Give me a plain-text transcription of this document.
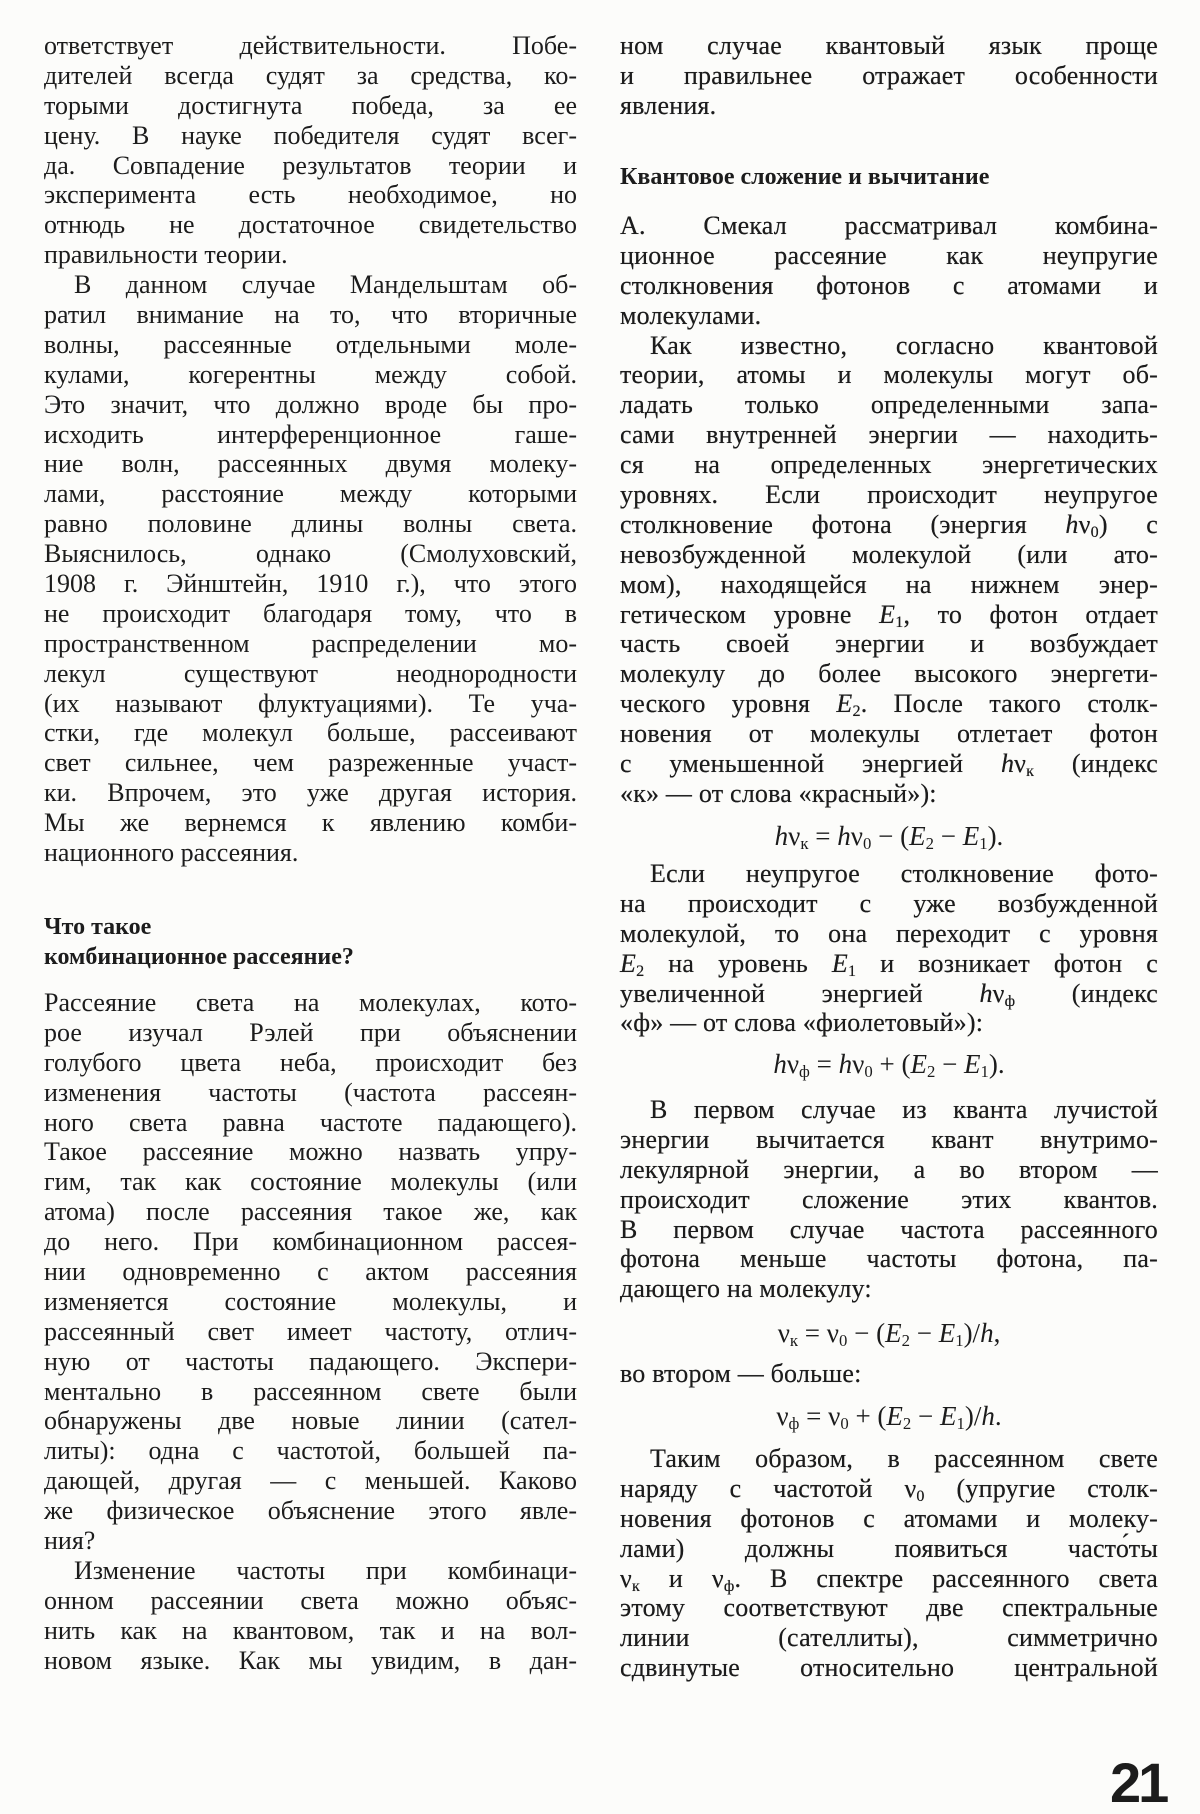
ответствует действительности. Побе-
дителей всегда судят за средства, ко-
торыми достигнута победа, за ее
цену. В науке победителя судят всег-
да. Совпадение результатов теории и
эксперимента есть необходимое, но
отнюдь не достаточное свидетельство
правильности теории.
В данном случае Мандельштам об-
ратил внимание на то, что вторичные
волны, рассеянные отдельными моле-
кулами, когерентны между собой.
Это значит, что должно вроде бы про-
исходить интерференционное гаше-
ние волн, рассеянных двумя молеку-
лами, расстояние между которыми
равно половине длины волны света.
Выяснилось, однако (Смолуховский,
1908 г. Эйнштейн, 1910 г.), что этого
не происходит благодаря тому, что в
пространственном распределении мо-
лекул существуют неоднородности
(их называют флуктуациями). Те уча-
стки, где молекул больше, рассеивают
свет сильнее, чем разреженные участ-
ки. Впрочем, это уже другая история.
Мы же вернемся к явлению комби-
национного рассеяния.
Что такое
комбинационное рассеяние?
Рассеяние света на молекулах, кото-
рое изучал Рэлей при объяснении
голубого цвета неба, происходит без
изменения частоты (частота рассеян-
ного света равна частоте падающего).
Такое рассеяние можно назвать упру-
гим, так как состояние молекулы (или
атома) после рассеяния такое же, как
до него. При комбинационном рассея-
нии одновременно с актом рассеяния
изменяется состояние молекулы, и
рассеянный свет имеет частоту, отлич-
ную от частоты падающего. Экспери-
ментально в рассеянном свете были
обнаружены две новые линии (сател-
литы): одна с частотой, большей па-
дающей, другая — с меньшей. Каково
же физическое объяснение этого явле-
ния?
Изменение частоты при комбинаци-
онном рассеянии света можно объяс-
нить как на квантовом, так и на вол-
новом языке. Как мы увидим, в дан-
ном случае квантовый язык проще
и правильнее отражает особенности
явления.
Квантовое сложение и вычитание
А. Смекал рассматривал комбина-
ционное рассеяние как неупругие
столкновения фотонов с атомами и
молекулами.
Как известно, согласно квантовой
теории, атомы и молекулы могут об-
ладать только определенными запа-
сами внутренней энергии — находить-
ся на определенных энергетических
уровнях. Если происходит неупругое
столкновение фотона (энергия $h\nu_0$) с
невозбужденной молекулой (или ато-
мом), находящейся на нижнем энер-
гетическом уровне $E_1$, то фотон отдает
часть своей энергии и возбуждает
молекулу до более высокого энергети-
ческого уровня $E_2$. После такого столк-
новения от молекулы отлетает фотон
с уменьшенной энергией $h\nu_к$ (индекс
«к» — от слова «красный»):
$h\nu_к = h\nu_0 - (E_2 - E_1)$.
Если неупругое столкновение фото-
на происходит с уже возбужденной
молекулой, то она переходит с уровня
$E_2$ на уровень $E_1$ и возникает фотон с
увеличенной энергией $h\nu_ф$ (индекс
«ф» — от слова «фиолетовый»):
$h\nu_ф = h\nu_0 + (E_2 - E_1)$.
В первом случае из кванта лучистой
энергии вычитается квант внутримо-
лекулярной энергии, а во втором —
происходит сложение этих квантов.
В первом случае частота рассеянного
фотона меньше частоты фотона, па-
дающего на молекулу:
$\nu_к = \nu_0 - (E_2 - E_1)/h$,
во втором — больше:
$\nu_ф = \nu_0 + (E_2 - E_1)/h$.
Таким образом, в рассеянном свете
наряду с частотой $\nu_0$ (упругие столк-
новения фотонов с атомами и молеку-
лами) должны появиться часто́ты
$\nu_к$ и $\nu_ф$. В спектре рассеянного света
этому соответствуют две спектральные
линии (сателлиты), симметрично
сдвинутые относительно центральной
21
